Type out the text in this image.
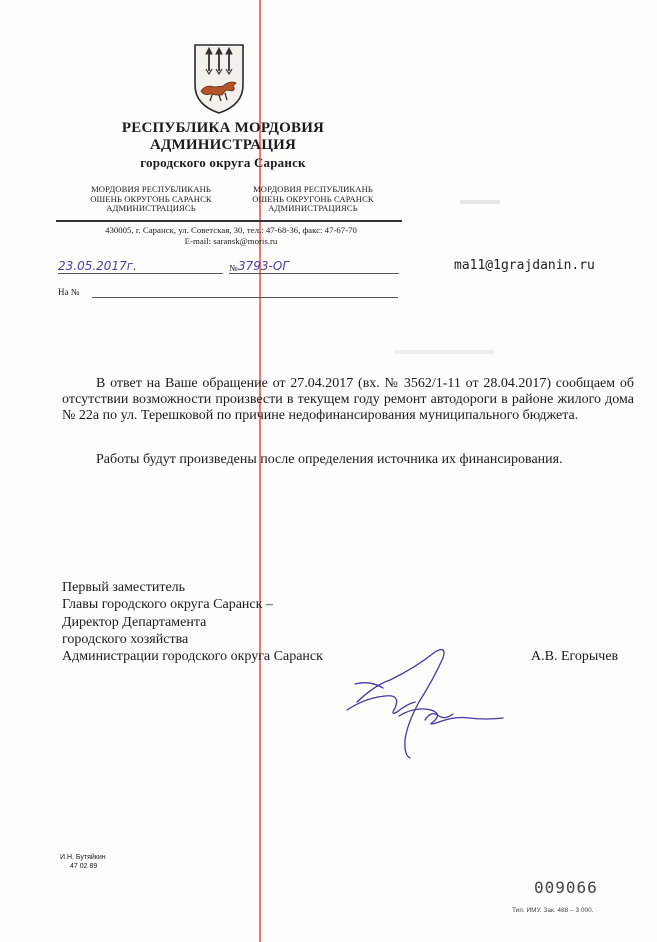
РЕСПУБЛИКА МОРДОВИЯ
АДМИНИСТРАЦИЯ
городского округа Саранск
МОРДОВИЯ РЕСПУБЛИКАНЬ
ОШЕНЬ ОКРУГОНЬ САРАНСК
АДМИНИСТРАЦИЯСЬ
МОРДОВИЯ РЕСПУБЛИКАНЬ
ОШЕНЬ ОКРУГОНЬ САРАНСК
АДМИНИСТРАЦИЯСЬ
430005, г. Саранск, ул. Советская, 30, тел.: 47-68-36, факс: 47-67-70
E-mail: saransk@moris.ru
23.05.2017г.	№ 3793-ОГ
На №
ma11@1grajdanin.ru
В ответ на Ваше обращение от 27.04.2017 (вх. № 3562/1-11 от 28.04.2017) сообщаем об отсутствии возможности произвести в текущем году ремонт автодороги в районе жилого дома № 22а по ул. Терешковой по причине недофинансирования муниципального бюджета.
Работы будут произведены после определения источника их финансирования.
Первый заместитель
Главы городского округа Саранск –
Директор Департамента
городского хозяйства
Администрации городского округа Саранск	А.В. Егорычев
И.Н. Бутяйкин
47 02 89
009066
Тип. ИМУ. Зак. 488 – 3 000.
